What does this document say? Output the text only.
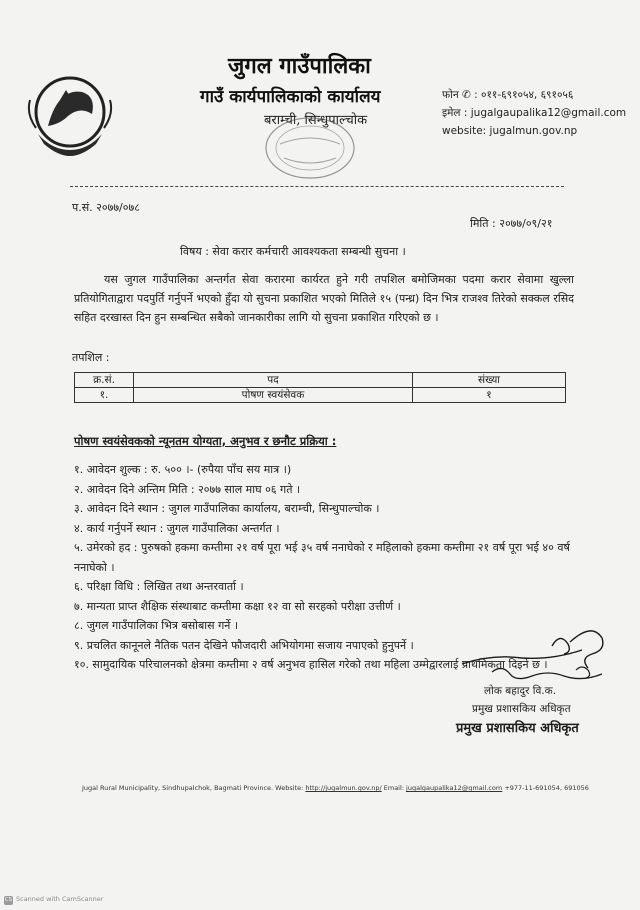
जुगल गाउँपालिका
गाउँ कार्यपालिकाको कार्यालय
बराम्ची, सिन्धुपाल्चोक
फोन ✆ : ०११-६९१०५४, ६९१०५६
इमेल : jugalgaupalika12@gmail.com
website: jugalmun.gov.np
प.सं. २०७७/०७८
मिति : २०७७/०९/२१
विषय : सेवा करार कर्मचारी आवश्यकता सम्बन्धी सुचना ।
यस जुगल गाउँपालिका अन्तर्गत सेवा करारमा कार्यरत हुने गरी तपशिल बमोजिमका पदमा करार सेवामा खुल्ला प्रतियोगिताद्वारा पदपुर्ति गर्नुपर्ने भएको हुँदा यो सुचना प्रकाशित भएको मितिले १५ (पन्ध्र) दिन भित्र राजश्व तिरेको सक्कल रसिद सहित दरखास्त दिन हुन सम्बन्धित सबैको जानकारीका लागि यो सुचना प्रकाशित गरिएको छ ।
तपशिल :
क्र.सं.	पद	संख्या
१.	पोषण स्वयंसेवक	१
पोषण स्वयंसेवकको न्यूनतम योग्यता, अनुभव र छनौट प्रक्रिया :
१. आवेदन शुल्क : रु. ५०० ।- (रुपैया पाँच सय मात्र ।)
२. आवेदन दिने अन्तिम मिति : २०७७ साल माघ ०६ गते ।
३. आवेदन दिने स्थान : जुगल गाउँपालिका कार्यालय, बराम्ची, सिन्धुपाल्चोक ।
४. कार्य गर्नुपर्ने स्थान : जुगल गाउँपालिका अन्तर्गत ।
५. उमेरको हद : पुरुषको हकमा कम्तीमा २१ वर्ष पूरा भई ३५ वर्ष ननाघेको र महिलाको हकमा कम्तीमा २१ वर्ष पूरा भई ४० वर्ष ननाघेको ।
६. परिक्षा विधि : लिखित तथा अन्तरवार्ता ।
७. मान्यता प्राप्त शैक्षिक संस्थाबाट कम्तीमा कक्षा १२ वा सो सरहको परीक्षा उत्तीर्ण ।
८. जुगल गाउँपालिका भित्र बसोबास गर्ने ।
९. प्रचलित कानूनले नैतिक पतन देखिने फौजदारी अभियोगमा सजाय नपाएको हुनुपर्ने ।
१०. सामुदायिक परिचालनको क्षेत्रमा कम्तीमा २ वर्ष अनुभव हासिल गरेको तथा महिला उम्मेद्वारलाई प्राथमिकता दिइने छ ।
लोक बहादुर वि.क.
प्रमुख प्रशासकिय अधिकृत
प्रमुख प्रशासकिय अधिकृत
Jugal Rural Municipality, Sindhupalchok, Bagmati Province. Website: http://jugalmun.gov.np/ Email: jugalgaupalika12@gmail.com +977-11-691054, 691056
CS Scanned with CamScanner
